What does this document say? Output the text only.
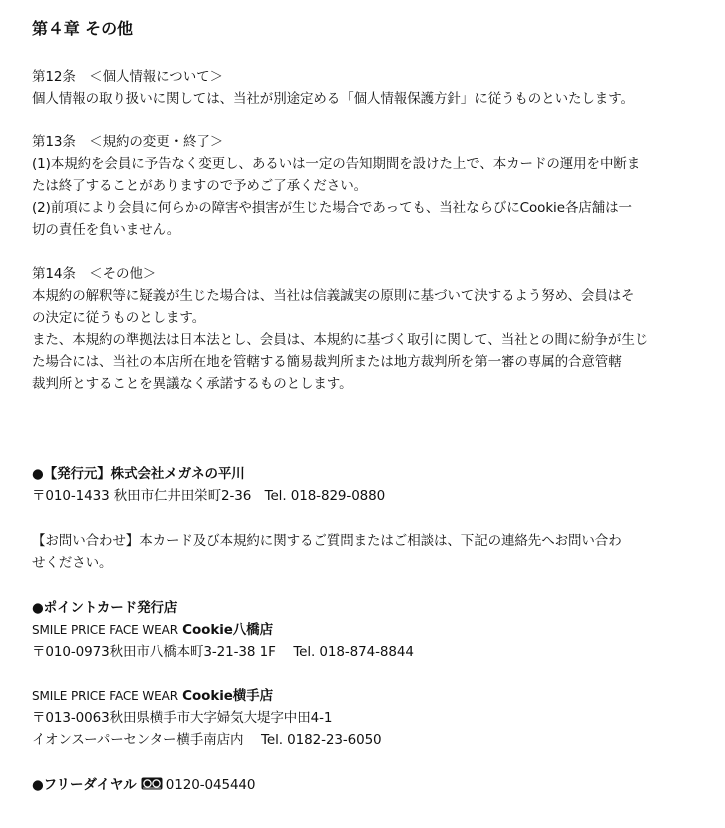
第４章 その他
第12条　＜個人情報について＞
個人情報の取り扱いに関しては、当社が別途定める「個人情報保護方針」に従うものといたします。
第13条　＜規約の変更・終了＞
(1)本規約を会員に予告なく変更し、あるいは一定の告知期間を設けた上で、本カードの運用を中断ま
たは終了することがありますので予めご了承ください。
(2)前項により会員に何らかの障害や損害が生じた場合であっても、当社ならびにCookie各店舗は一
切の責任を負いません。
第14条　＜その他＞
本規約の解釈等に疑義が生じた場合は、当社は信義誠実の原則に基づいて決するよう努め、会員はそ
の決定に従うものとします。
また、本規約の準拠法は日本法とし、会員は、本規約に基づく取引に関して、当社との間に紛争が生じ
た場合には、当社の本店所在地を管轄する簡易裁判所または地方裁判所を第一審の専属的合意管轄
裁判所とすることを異議なく承諾するものとします。
●【発行元】株式会社メガネの平川
〒010-1433 秋田市仁井田栄町2-36　Tel. 018-829-0880
【お問い合わせ】本カード及び本規約に関するご質問またはご相談は、下記の連絡先へお問い合わ
せください。
●ポイントカード発行店
SMILE PRICE FACE WEAR Cookie八橋店
〒010-0973秋田市八橋本町3-21-38 1F　 Tel. 018-874-8844
SMILE PRICE FACE WEAR Cookie横手店
〒013-0063秋田県横手市大字婦気大堤字中田4-1
イオンスーパーセンター横手南店内　 Tel. 0182-23-6050
●フリーダイヤル 0120-045440
